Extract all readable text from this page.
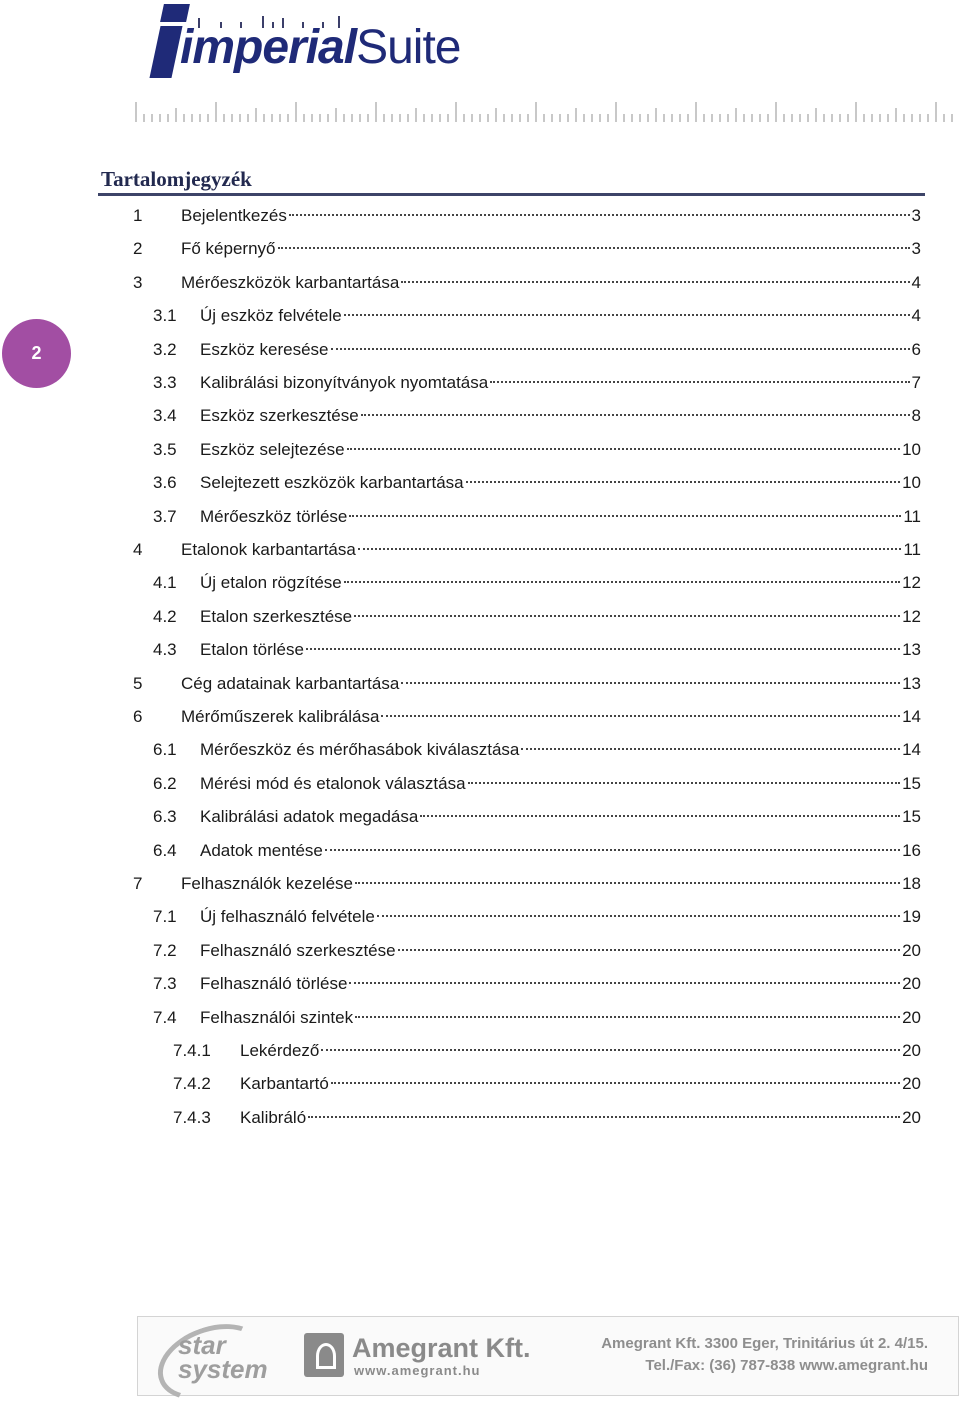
imperialSuite
2
Tartalomjegyzék
1	Bejelentkezés	3
2	Fő képernyő	3
3	Mérőeszközök karbantartása	4
3.1	Új eszköz felvétele	4
3.2	Eszköz keresése	6
3.3	Kalibrálási bizonyítványok nyomtatása	7
3.4	Eszköz szerkesztése	8
3.5	Eszköz selejtezése	10
3.6	Selejtezett eszközök karbantartása	10
3.7	Mérőeszköz törlése	11
4	Etalonok karbantartása	11
4.1	Új etalon rögzítése	12
4.2	Etalon szerkesztése	12
4.3	Etalon törlése	13
5	Cég adatainak karbantartása	13
6	Mérőműszerek kalibrálása	14
6.1	Mérőeszköz és mérőhasábok kiválasztása	14
6.2	Mérési mód és etalonok választása	15
6.3	Kalibrálási adatok megadása	15
6.4	Adatok mentése	16
7	Felhasználók kezelése	18
7.1	Új felhasználó felvétele	19
7.2	Felhasználó szerkesztése	20
7.3	Felhasználó törlése	20
7.4	Felhasználói szintek	20
7.4.1	Lekérdező	20
7.4.2	Karbantartó	20
7.4.3	Kalibráló	20
star system
Amegrant Kft.
www.amegrant.hu
Amegrant Kft. 3300 Eger, Trinitárius út 2. 4/15.
Tel./Fax: (36) 787-838 www.amegrant.hu
